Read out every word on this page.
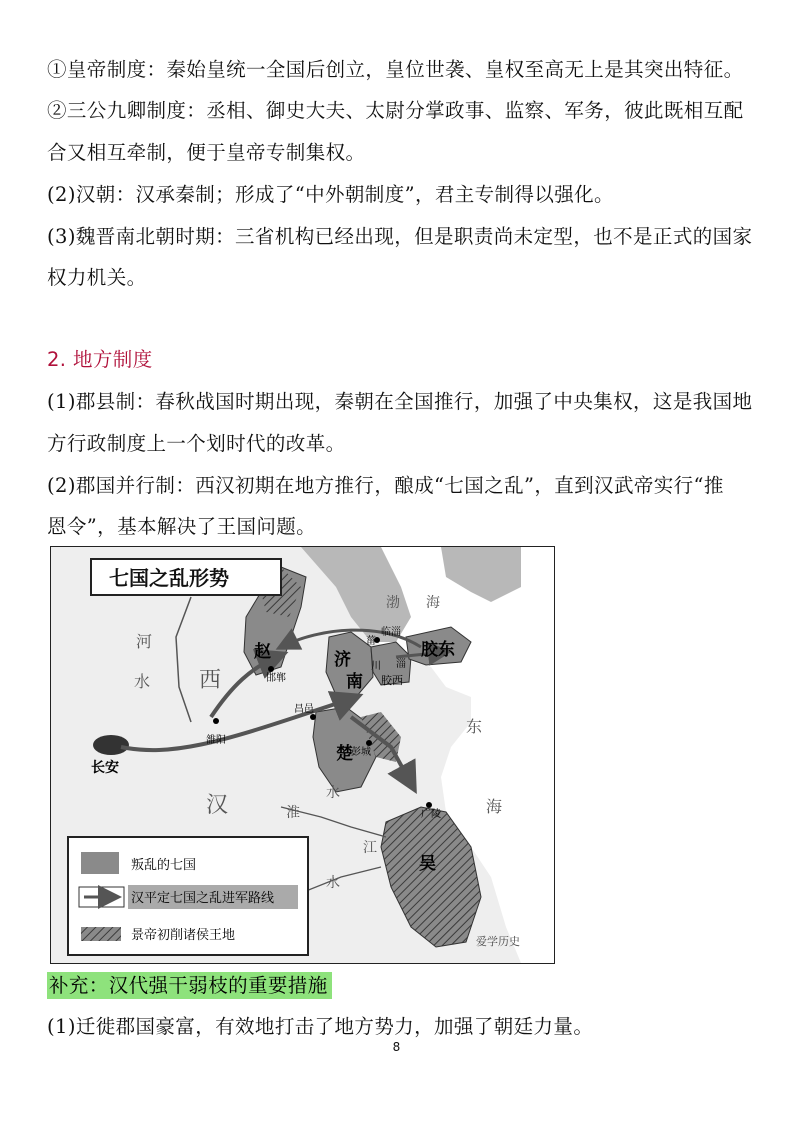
①皇帝制度：秦始皇统一全国后创立，皇位世袭、皇权至高无上是其突出特征。
②三公九卿制度：丞相、御史大夫、太尉分掌政事、监察、军务，彼此既相互配
合又相互牵制，便于皇帝专制集权。
(2)汉朝：汉承秦制；形成了“中外朝制度”，君主专制得以强化。
(3)魏晋南北朝时期：三省机构已经出现，但是职责尚未定型，也不是正式的国家
权力机关。
2. 地方制度
(1)郡县制：春秋战国时期出现，秦朝在全国推行，加强了中央集权，这是我国地
方行政制度上一个划时代的改革。
(2)郡国并行制：西汉初期在地方推行，酿成“七国之乱”，直到汉武帝实行“推
恩令”，基本解决了王国问题。
七国之乱形势
赵	济
南
胶东
楚
吴
胶西
川 淄
菑
长安
雒阳
昌邑
邯郸
彭城
广陵
临淄
河
水 西
汉	淮
水
江
水
渤 海
东
海
叛乱的七国
汉平定七国之乱进军路线
景帝初削诸侯王地	爱学历史
补充：汉代强干弱枝的重要措施
(1)迁徙郡国豪富，有效地打击了地方势力，加强了朝廷力量。
8
